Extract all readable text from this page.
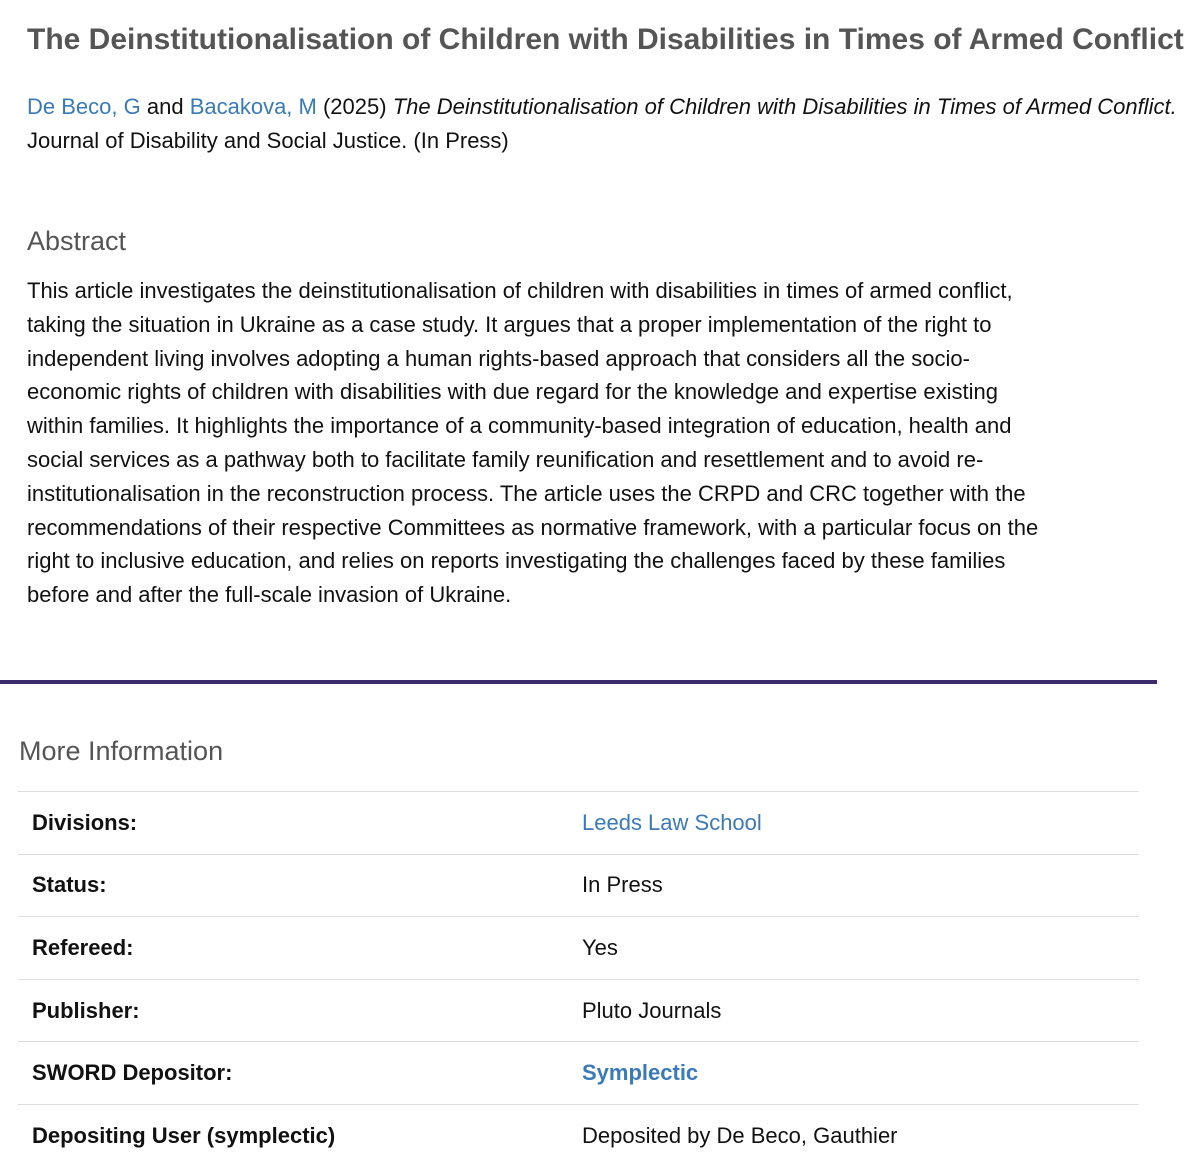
The Deinstitutionalisation of Children with Disabilities in Times of Armed Conflict
De Beco, G and Bacakova, M (2025) The Deinstitutionalisation of Children with Disabilities in Times of Armed Conflict.
Journal of Disability and Social Justice. (In Press)
Abstract

This article investigates the deinstitutionalisation of children with disabilities in times of armed conflict,
taking the situation in Ukraine as a case study. It argues that a proper implementation of the right to
independent living involves adopting a human rights-based approach that considers all the socio-
economic rights of children with disabilities with due regard for the knowledge and expertise existing
within families. It highlights the importance of a community-based integration of education, health and
social services as a pathway both to facilitate family reunification and resettlement and to avoid re-
institutionalisation in the reconstruction process. The article uses the CRPD and CRC together with the
recommendations of their respective Committees as normative framework, with a particular focus on the
right to inclusive education, and relies on reports investigating the challenges faced by these families
before and after the full-scale invasion of Ukraine.

More Information
Divisions:	Leeds Law School
Status:	In Press
Refereed:	Yes
Publisher:	Pluto Journals
SWORD Depositor:	Symplectic
Depositing User (symplectic)	Deposited by De Beco, Gauthier
